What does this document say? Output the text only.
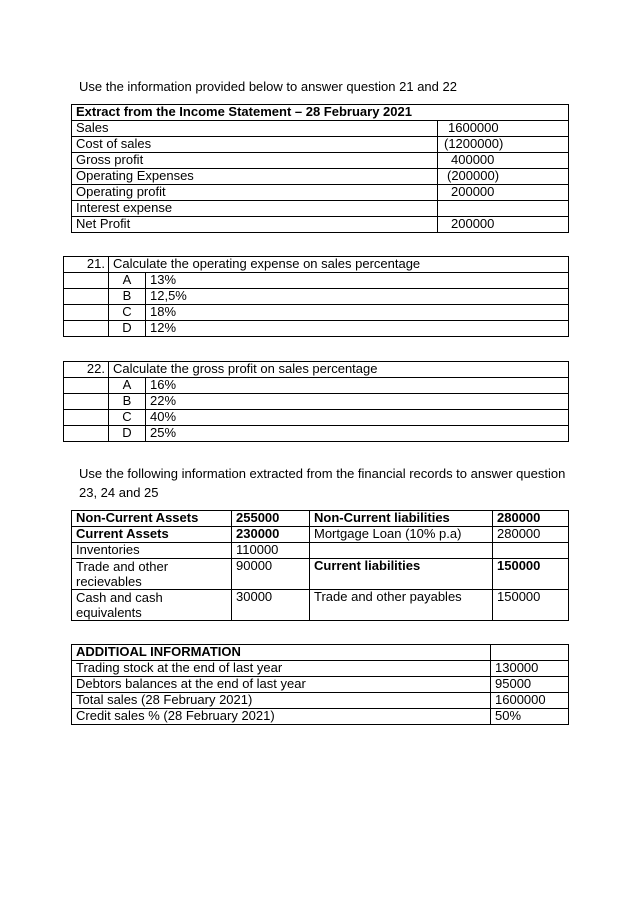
Use the information provided below to answer question 21 and 22
Extract from the Income Statement – 28 February 2021	
Sales	1600000
Cost of sales	(1200000)
Gross profit	400000
Operating Expenses	(200000)
Operating profit	200000
Interest expense	
Net Profit	200000
21.	Calculate the operating expense on sales percentage	
	A	13%
	B	12,5%
	C	18%
	D	12%
22.	Calculate the gross profit on sales percentage	
	A	16%
	B	22%
	C	40%
	D	25%
Use the following information extracted from the financial records to answer question
23, 24 and 25
Non-Current Assets	255000	Non-Current liabilities	280000
Current Assets	230000	Mortgage Loan (10% p.a)	280000
Inventories	110000		
Trade and other recievables	90000	Current liabilities	150000
Cash and cash equivalents	30000	Trade and other payables	150000
ADDITIOAL INFORMATION	
Trading stock at the end of last year	130000
Debtors balances at the end of last year	95000
Total sales (28 February 2021)	1600000
Credit sales % (28 February 2021)	50%
